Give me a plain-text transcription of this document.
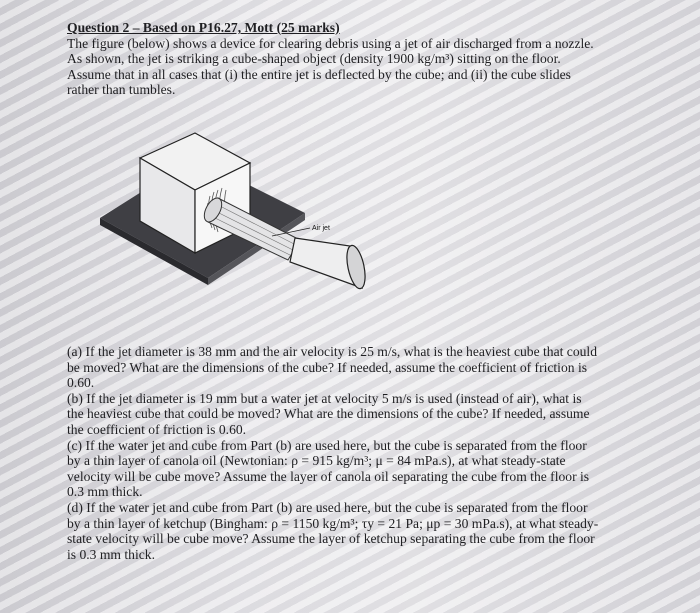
Question 2 – Based on P16.27, Mott (25 marks)
The figure (below) shows a device for clearing debris using a jet of air discharged from a nozzle.
As shown, the jet is striking a cube-shaped object (density 1900 kg/m³) sitting on the floor.
Assume that in all cases that (i) the entire jet is deflected by the cube; and (ii) the cube slides
rather than tumbles.
Air jet
(a) If the jet diameter is 38 mm and the air velocity is 25 m/s, what is the heaviest cube that could
be moved? What are the dimensions of the cube? If needed, assume the coefficient of friction is
0.60.
(b) If the jet diameter is 19 mm but a water jet at velocity 5 m/s is used (instead of air), what is
the heaviest cube that could be moved? What are the dimensions of the cube? If needed, assume
the coefficient of friction is 0.60.
(c) If the water jet and cube from Part (b) are used here, but the cube is separated from the floor
by a thin layer of canola oil (Newtonian: ρ = 915 kg/m³; μ = 84 mPa.s), at what steady-state
velocity will be cube move? Assume the layer of canola oil separating the cube from the floor is
0.3 mm thick.
(d) If the water jet and cube from Part (b) are used here, but the cube is separated from the floor
by a thin layer of ketchup (Bingham: ρ = 1150 kg/m³; τy = 21 Pa; μp = 30 mPa.s), at what steady-
state velocity will be cube move? Assume the layer of ketchup separating the cube from the floor
is 0.3 mm thick.
